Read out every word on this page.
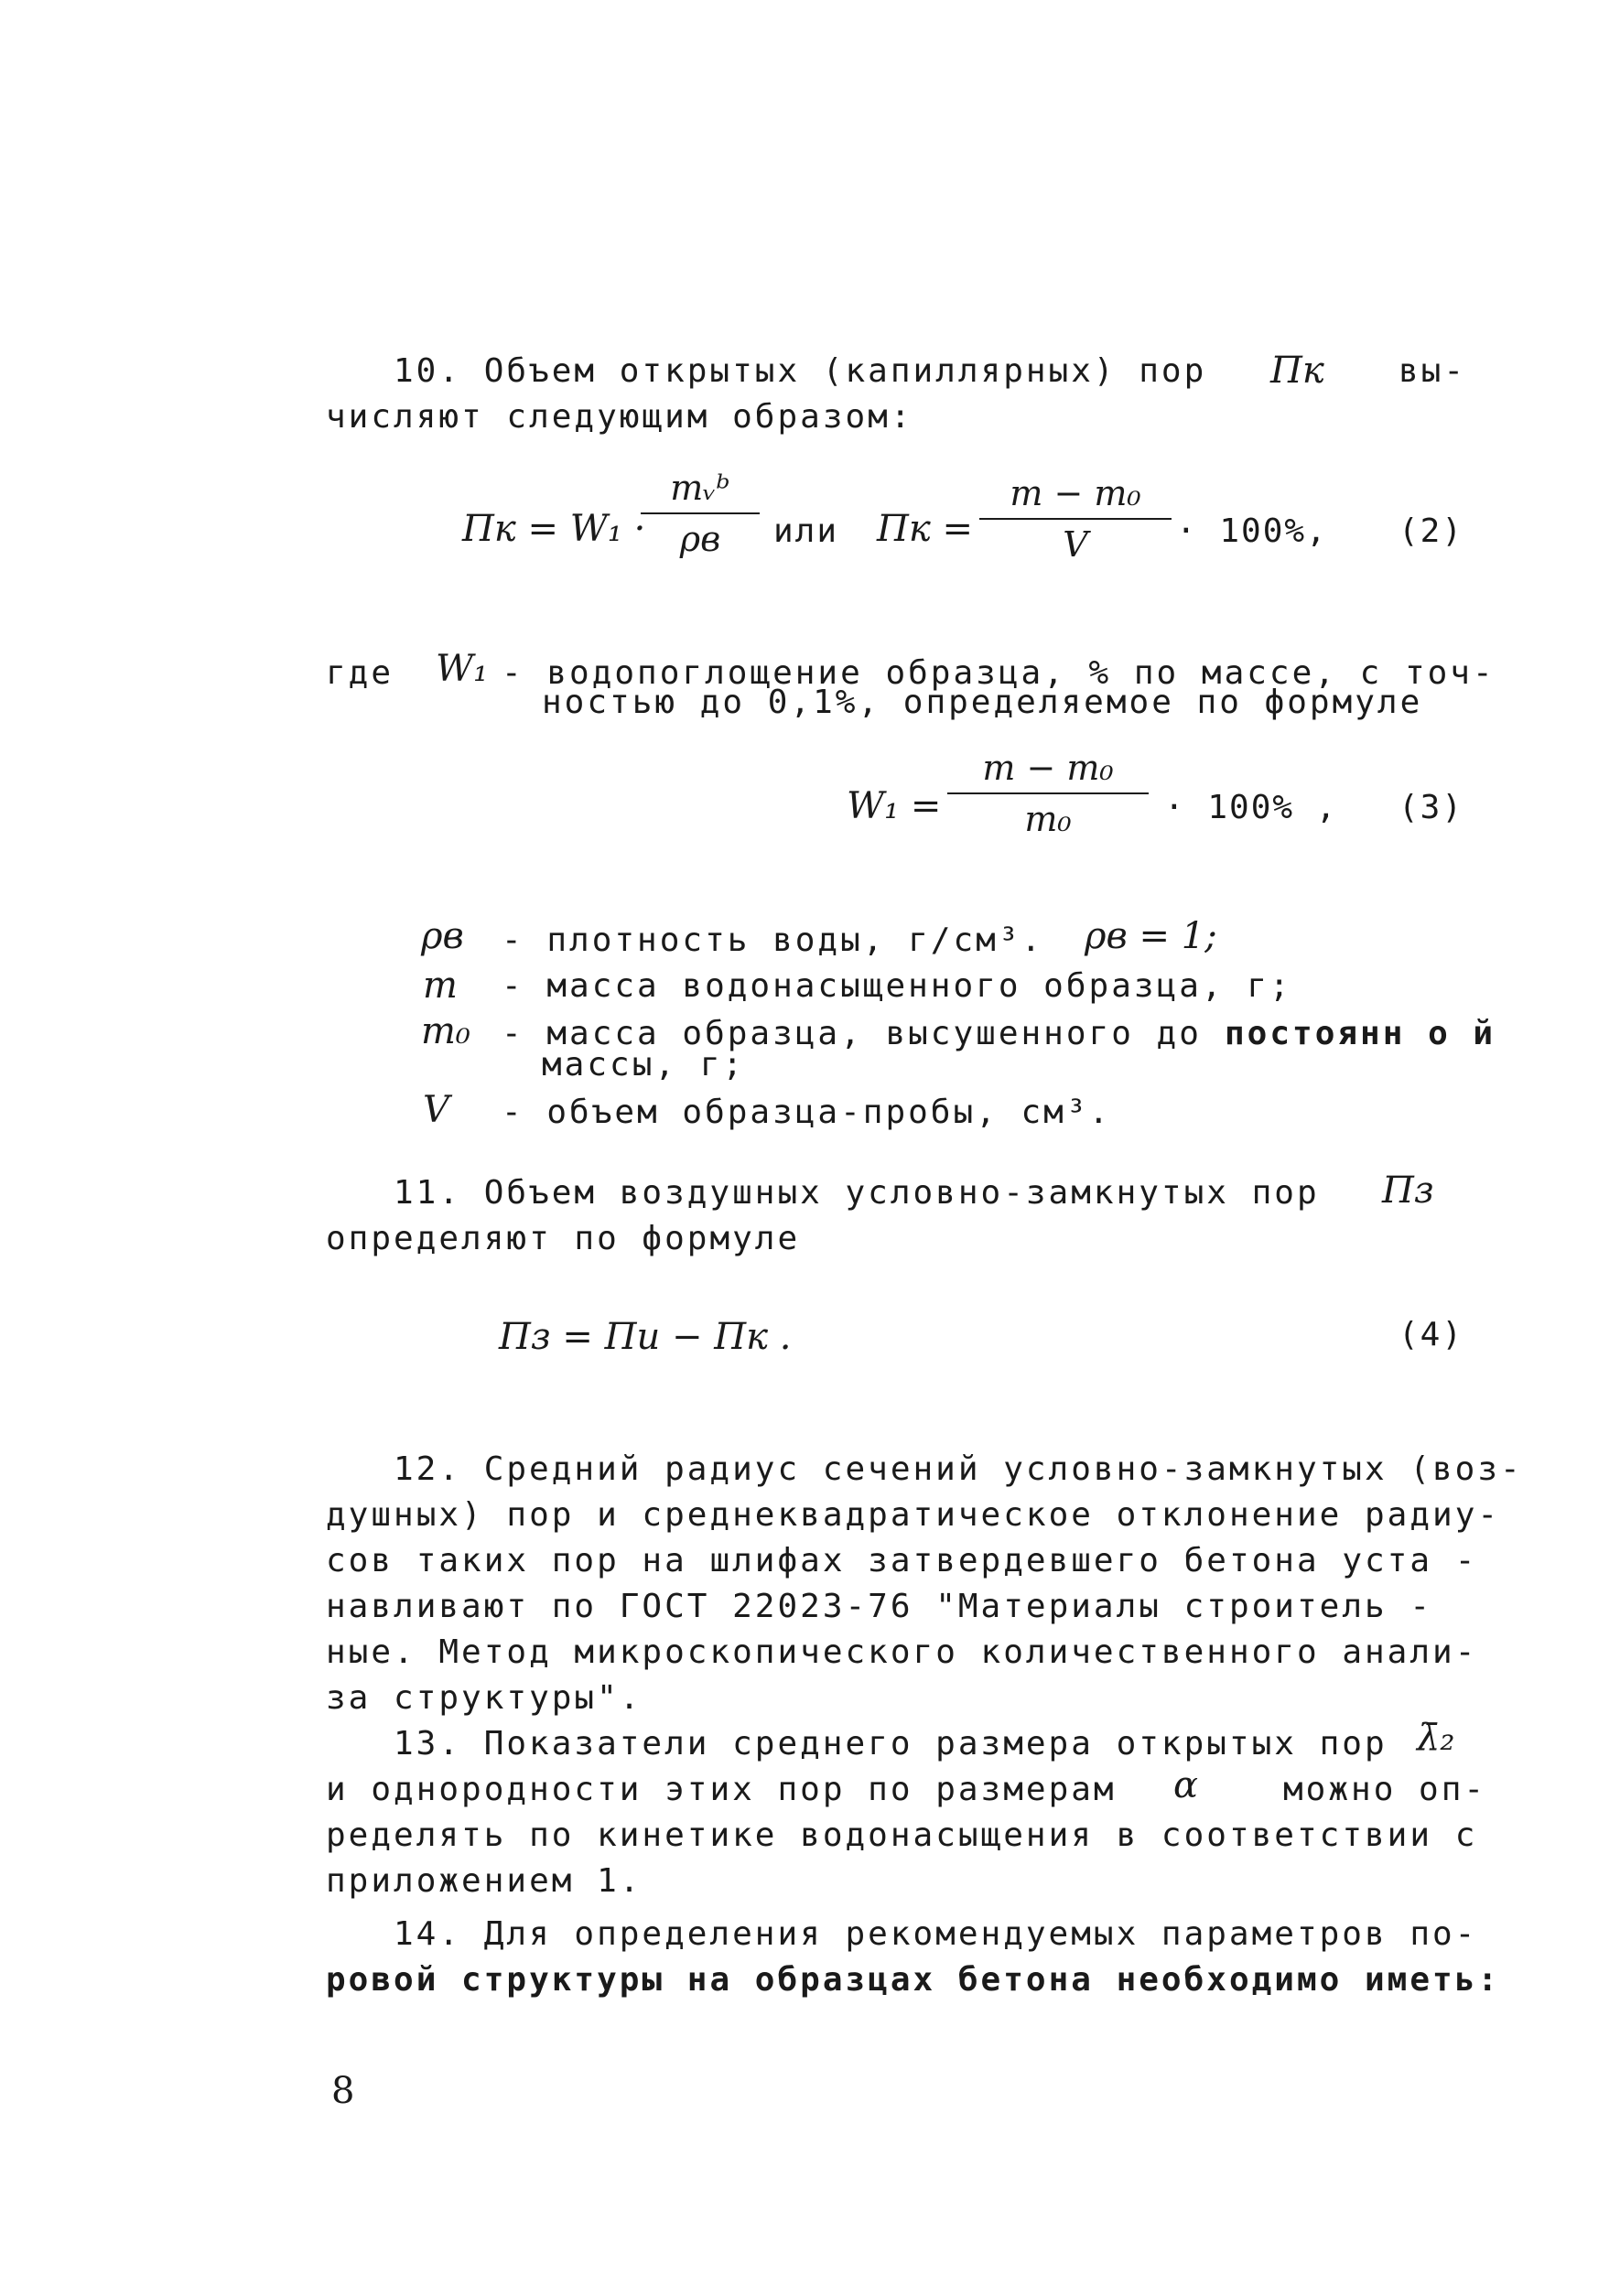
10. Объем открытых (капиллярных) пор Пк вы-
числяют следующим образом:
Пк = W₁ ·
mᵥᵇ
ρв	или Пк =
m − m₀
V	· 100%, (2)
где W₁ - водопоглощение образца, % по массе, с точ-
ностью до 0,1%, определяемое по формуле
W₁ =
m − m₀
m₀	· 100% , (3)
ρв - плотность воды, г/см³. ρв = 1;
m - масса водонасыщенного образца, г;
m₀ - масса образца, высушенного до постоянн о й
массы, г;
V - объем образца-пробы, см³.
11. Объем воздушных условно-замкнутых пор Пз
определяют по формуле
Пз = Пи − Пк .	(4)
12. Средний радиус сечений условно-замкнутых (воз-
душных) пор и среднеквадратическое отклонение радиу-
сов таких пор на шлифах затвердевшего бетона уста -
навливают по ГОСТ 22023-76 "Материалы строитель -
ные. Метод микроскопического количественного анали-
за структуры".
13. Показатели среднего размера открытых пор λ̄₂
и однородности этих пор по размерам α	можно оп-
ределять по кинетике водонасыщения в соответствии с
приложением 1.
14. Для определения рекомендуемых параметров по-
ровой структуры на образцах бетона необходимо иметь:
8
